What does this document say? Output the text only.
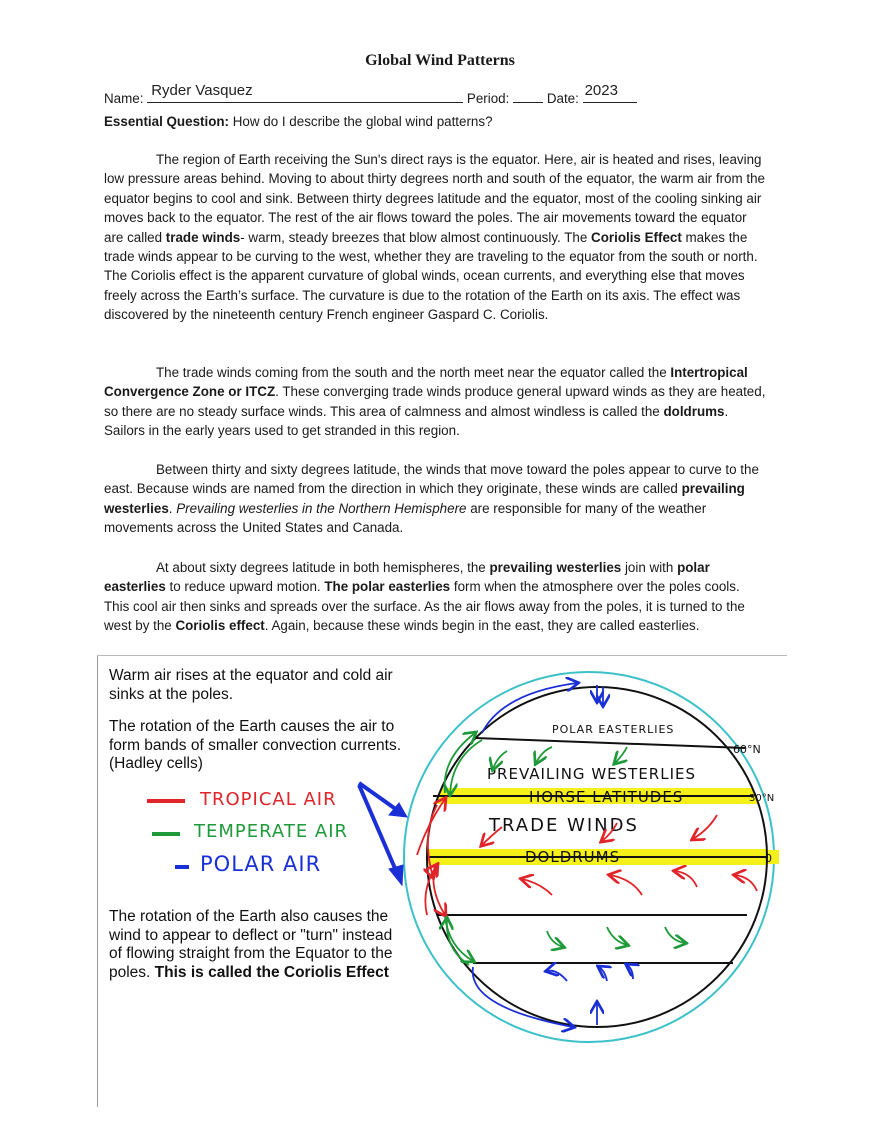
Global Wind Patterns
Name: Ryder Vasquez	Period:	Date: 2023
Essential Question: How do I describe the global wind patterns?

The region of Earth receiving the Sun's direct rays is the equator. Here, air is heated and rises, leaving low pressure areas behind. Moving to about thirty degrees north and south of the equator, the warm air from the equator begins to cool and sink. Between thirty degrees latitude and the equator, most of the cooling sinking air moves back to the equator. The rest of the air flows toward the poles. The air movements toward the equator are called trade winds- warm, steady breezes that blow almost continuously. The Coriolis Effect makes the trade winds appear to be curving to the west, whether they are traveling to the equator from the south or north. The Coriolis effect is the apparent curvature of global winds, ocean currents, and everything else that moves freely across the Earth’s surface. The curvature is due to the rotation of the Earth on its axis. The effect was discovered by the nineteenth century French engineer Gaspard C. Coriolis.

The trade winds coming from the south and the north meet near the equator called the Intertropical Convergence Zone or ITCZ. These converging trade winds produce general upward winds as they are heated, so there are no steady surface winds. This area of calmness and almost windless is called the doldrums. Sailors in the early years used to get stranded in this region.

Between thirty and sixty degrees latitude, the winds that move toward the poles appear to curve to the east. Because winds are named from the direction in which they originate, these winds are called prevailing westerlies. Prevailing westerlies in the Northern Hemisphere are responsible for many of the weather movements across the United States and Canada.

At about sixty degrees latitude in both hemispheres, the prevailing westerlies join with polar easterlies to reduce upward motion. The polar easterlies form when the atmosphere over the poles cools. This cool air then sinks and spreads over the surface. As the air flows away from the poles, it is turned to the west by the Coriolis effect. Again, because these winds begin in the east, they are called easterlies.

Warm air rises at the equator and cold air sinks at the poles.
The rotation of the Earth causes the air to form bands of smaller convection currents. (Hadley cells)
TROPICAL AIR
TEMPERATE AIR
POLAR AIR
The rotation of the Earth also causes the wind to appear to deflect or "turn" instead of flowing straight from the Equator to the poles. This is called the Coriolis Effect
POLAR EASTERLIES
PREVAILING WESTERLIES
HORSE LATITUDES
TRADE WINDS
DOLDRUMS
60°N
30°N
0
